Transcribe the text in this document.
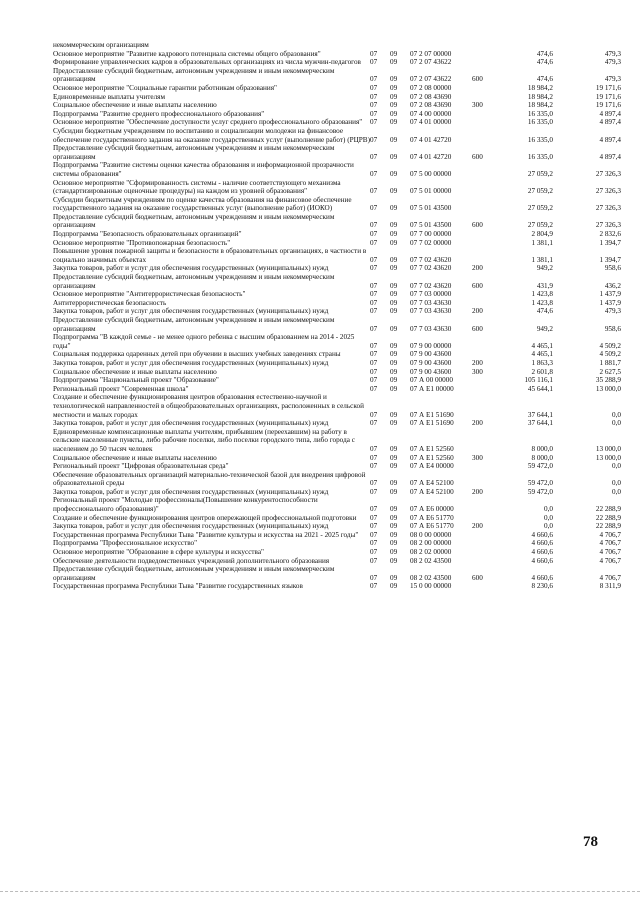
некоммерческим организациям						
Основное мероприятие "Развитие кадрового потенциала системы общего образования"	07	09	07 2 07 00000		474,6	479,3
Формирование управленческих кадров в образовательных организациях из числа мужчин-педагогов	07	09	07 2 07 43622		474,6	479,3
Предоставление субсидий бюджетным, автономным учреждениям и иным некоммерческим организациям	07	09	07 2 07 43622	600	474,6	479,3
Основное мероприятие "Социальные гарантии работникам образования"	07	09	07 2 08 00000		18 984,2	19 171,6
Единовременные выплаты учителям	07	09	07 2 08 43690		18 984,2	19 171,6
Социальное обеспечение и иные выплаты населению	07	09	07 2 08 43690	300	18 984,2	19 171,6
Подпрограмма "Развитие среднего профессионального образования"	07	09	07 4 00 00000		16 335,0	4 897,4
Основное мероприятие "Обеспечение доступности услуг среднего профессионального образования"	07	09	07 4 01 00000		16 335,0	4 897,4
Субсидии бюджетным учреждениям по воспитанию и социализации молодежи на финансовое обеспечение государственного задания на оказание государственных услуг (выполнение работ) (РЦРВ)	07	09	07 4 01 42720		16 335,0	4 897,4
Предоставление субсидий бюджетным, автономным учреждениям и иным некоммерческим организациям	07	09	07 4 01 42720	600	16 335,0	4 897,4
Подпрограмма "Развитие системы оценки качества образования и информационной прозрачности системы образования"	07	09	07 5 00 00000		27 059,2	27 326,3
Основное мероприятие "Сформированность системы - наличие соответствующего механизма (стандартизированные оценочные процедуры) на каждом из уровней образования"	07	09	07 5 01 00000		27 059,2	27 326,3
Субсидии бюджетным учреждениям по оценке качества образования на финансовое обеспечение государственного задания на оказание государственных услуг (выполнение работ) (ИОКО)	07	09	07 5 01 43500		27 059,2	27 326,3
Предоставление субсидий бюджетным, автономным учреждениям и иным некоммерческим организациям	07	09	07 5 01 43500	600	27 059,2	27 326,3
Подпрограмма "Безопасность образовательных организаций"	07	09	07 7 00 00000		2 804,9	2 832,6
Основное мероприятие "Противопожарная безопасность"	07	09	07 7 02 00000		1 381,1	1 394,7
Повышение уровня пожарной защиты и безопасности в образовательных организациях, в частности в социально значимых объектах	07	09	07 7 02 43620		1 381,1	1 394,7
Закупка товаров, работ и услуг для обеспечения государственных (муниципальных) нужд	07	09	07 7 02 43620	200	949,2	958,6
Предоставление субсидий бюджетным, автономным учреждениям и иным некоммерческим организациям	07	09	07 7 02 43620	600	431,9	436,2
Основное мероприятие "Антитеррористическая безопасность"	07	09	07 7 03 00000		1 423,8	1 437,9
Антитеррористическая безопасность	07	09	07 7 03 43630		1 423,8	1 437,9
Закупка товаров, работ и услуг для обеспечения государственных (муниципальных) нужд	07	09	07 7 03 43630	200	474,6	479,3
Предоставление субсидий бюджетным, автономным учреждениям и иным некоммерческим организациям	07	09	07 7 03 43630	600	949,2	958,6
Подпрограмма "В каждой семье - не менее одного ребенка с высшим образованием на 2014 - 2025 годы"	07	09	07 9 00 00000		4 465,1	4 509,2
Социальная поддержка одаренных детей при обучении в высших учебных заведениях страны	07	09	07 9 00 43600		4 465,1	4 509,2
Закупка товаров, работ и услуг для обеспечения государственных (муниципальных) нужд	07	09	07 9 00 43600	200	1 863,3	1 881,7
Социальное обеспечение и иные выплаты населению	07	09	07 9 00 43600	300	2 601,8	2 627,5
Подпрограмма "Национальный проект "Образование"	07	09	07 А 00 00000		105 116,1	35 288,9
Региональный проект "Современная школа"	07	09	07 А Е1 00000		45 644,1	13 000,0
Создание и обеспечение функционирования центров образования естественно-научной и технологической направленностей в общеобразовательных организациях, расположенных в сельской местности и малых городах	07	09	07 А Е1 51690		37 644,1	0,0
Закупка товаров, работ и услуг для обеспечения государственных (муниципальных) нужд	07	09	07 А Е1 51690	200	37 644,1	0,0
Единовременные компенсационные выплаты учителям, прибывшим (переехавшим) на работу в сельские населенные пункты, либо рабочие поселки, либо поселки городского типа, либо города с населением до 50 тысяч человек	07	09	07 А Е1 52560		8 000,0	13 000,0
Социальное обеспечение и иные выплаты населению	07	09	07 А Е1 52560	300	8 000,0	13 000,0
Региональный проект "Цифровая образовательная среда"	07	09	07 А Е4 00000		59 472,0	0,0
Обеспечение образовательных организаций материально-технической базой для внедрения цифровой образовательной среды	07	09	07 А Е4 52100		59 472,0	0,0
Закупка товаров, работ и услуг для обеспечения государственных (муниципальных) нужд	07	09	07 А Е4 52100	200	59 472,0	0,0
Региональный проект "Молодые профессионалы(Повышение конкурентоспособности профессионального образования)"	07	09	07 А Е6 00000		0,0	22 288,9
Создание и обеспечение функционирования центров опережающей профессиональной подготовки	07	09	07 А Е6 51770		0,0	22 288,9
Закупка товаров, работ и услуг для обеспечения государственных (муниципальных) нужд	07	09	07 А Е6 51770	200	0,0	22 288,9
Государственная программа Республики Тыва "Развитие культуры и искусства на 2021 - 2025 годы"	07	09	08 0 00 00000		4 660,6	4 706,7
Подпрограмма "Профессиональное искусство"	07	09	08 2 00 00000		4 660,6	4 706,7
Основное мероприятие "Образование в сфере культуры и искусства"	07	09	08 2 02 00000		4 660,6	4 706,7
Обеспечение деятельности подведомственных учреждений дополнительного образования	07	09	08 2 02 43500		4 660,6	4 706,7
Предоставление субсидий бюджетным, автономным учреждениям и иным некоммерческим организациям	07	09	08 2 02 43500	600	4 660,6	4 706,7
Государственная программа Республики Тыва "Развитие государственных языков	07	09	15 0 00 00000		8 230,6	8 311,9
78
